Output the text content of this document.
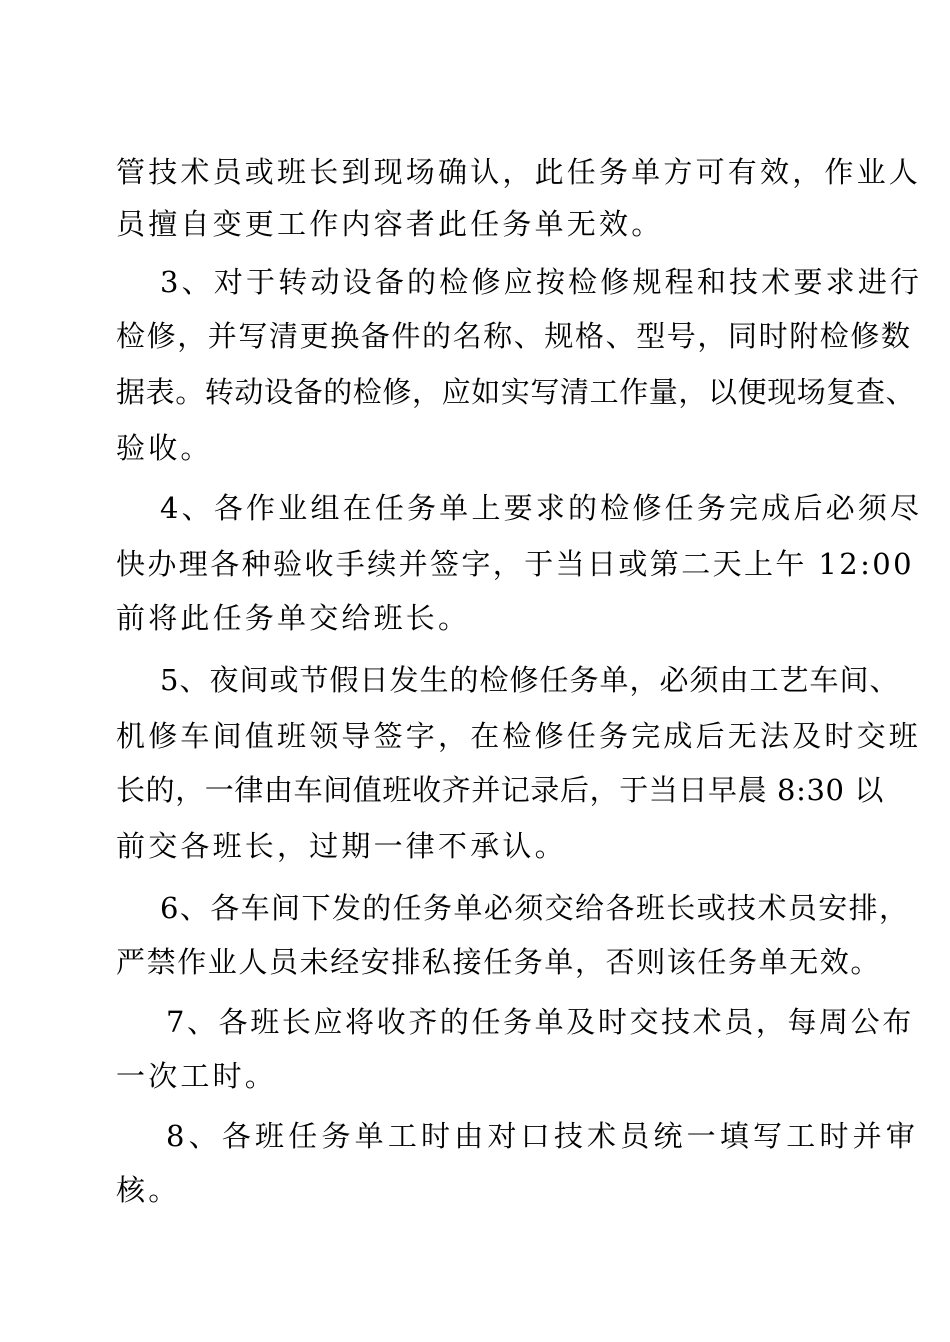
管技术员或班长到现场确认，此任务单方可有效，作业人
员擅自变更工作内容者此任务单无效。
3、对于转动设备的检修应按检修规程和技术要求进行
检修，并写清更换备件的名称、规格、型号，同时附检修数
据表。转动设备的检修，应如实写清工作量，以便现场复查、
验收。
4、各作业组在任务单上要求的检修任务完成后必须尽
快办理各种验收手续并签字，于当日或第二天上午 12:00
前将此任务单交给班长。
5、夜间或节假日发生的检修任务单，必须由工艺车间、
机修车间值班领导签字，在检修任务完成后无法及时交班
长的，一律由车间值班收齐并记录后，于当日早晨 8:30 以
前交各班长，过期一律不承认。
6、各车间下发的任务单必须交给各班长或技术员安排，
严禁作业人员未经安排私接任务单，否则该任务单无效。
7、各班长应将收齐的任务单及时交技术员，每周公布
一次工时。
8、各班任务单工时由对口技术员统一填写工时并审
核。
